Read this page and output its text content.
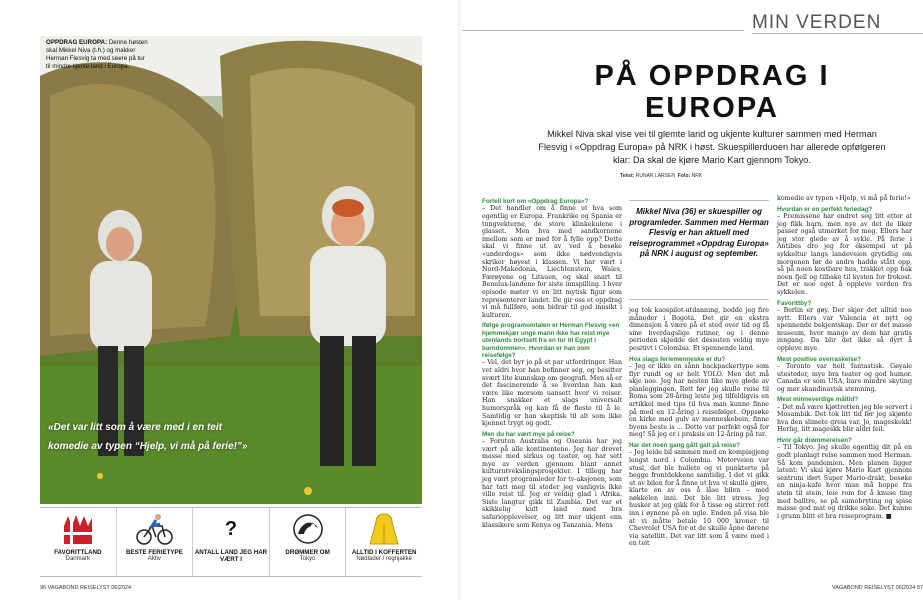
OPPDRAG EUROPA: Denne høsten skal Mikkel Niva (t.h.) og makker Herman Flesvig ta med seere på tur til mindre kjente land i Europa.
«Det var litt som å være med i en teit komedie av typen “Hjelp, vi må på ferie!”»
FAVORITTLAND
Danmark
BESTE FERIETYPE
Aktiv
?
ANTALL LAND JEG HAR VÆRT I
DRØMMER OM
Tokyo
ALLTID I KOFFERTEN
Nødlader / regnjakke
96 VAGABOND REISELYST 06|2024
MIN VERDEN
PÅ OPPDRAG I EUROPA
Mikkel Niva skal vise vei til glemte land og ukjente kulturer sammen med Herman Flesvig i «Oppdrag Europa» på NRK i høst. Skuespillerduoen har allerede opfølgeren klar: Da skal de kjøre Mario Kart gjennom Tokyo.
Tekst: RUNAR LARSEN Foto: NRK
Fortell kort om «Oppdrag Europa»?

– Det handler om å finne ut hva som egentlig er Europa. Frankrike og Spania er tungvekterne, de store klinkekulene i glasset. Men hva med sandkornene imellom som er med for å fylle opp? Dette skal vi finne ut av ved å besøke «underdogs» som ikke nødvendigvis skriker høyest i klassen. Vi har vært i Nord-Makedonia, Liechtenstein, Wales, Færøyene og Litauen, og skal snart til Benelux-landene for siste innspilling. I hver episode møter vi en litt mytisk figur som representerer landet. De gir oss et oppdrag vi må fullføre, som bidrar til god innsikt i kulturen.

Ifølge programomtalen er Herman Flesvig «en hjemmekjær ungé mann ikke har reist mye utenlands bortsett fra en tur til Egypt i barndommen». Hvordan er han som reisefølge?

– Vel, det byr jo på et par utfordringer. Han vet aldri hvor han befinner seg, og besitter svært lite kunnskap om geografi. Men så er det fascinerende å se hvordan han kan være like morsom uansett hvor vi reiser. Han snakker et slags universalt humorspråk og kan få de fleste til å le. Samtidig er han skeptisk til alt som ikke kjennet trygt og godt.

Men du har vært mye på reise?

– Foruten Australia og Oseania har jeg vært på alle kontinentene. Jeg har drevet masse med sirkus og teater, og har sett mye av verden gjennom blant annet kulturutvekslingsprosjekter. I tillegg har jeg vært programleder for tv-aksjonen, som har tatt meg til steder jeg vanligvis ikke ville reist til. Jeg er veldig glad i Afrika. Siste langtur gikk til Zambia. Det var et skikkelig kult land med bra safariopplevelser, og litt mer ukjent enn klassikere som Kenya og Tanzania. Mens

Mikkel Niva (36) er skuespiller og programleder. Sammen med Herman Flesvig er han aktuell med reiseprogrammet «Oppdrag Europa» på NRK i august og september.

jeg tok kaospilot-utdanning, bodde jeg fire måneder i Bogotá. Det gir en ekstra dimensjon å være på et sted over tid og få sine hverdagslige rutiner, og i denne perioden skjedde det dessuten veldig mye positivt i Colombia. Et spennende land.

Hva slags feriemenneske er du?

– Jeg er ikke en sånn backpackertype som flyr rundt og er helt YOLO. Men det må skje noe. Jeg har nesten like mye glede av planleggingen. Rett før jeg skulle reise til Roma som 28-åring leste jeg tilfeldigvis en artikkel med tips til hva man kunne finne på med en 12-åring i reisefølget. Oppsøke en kirke med gulv av menneskebein, finne byens beste is ... Dette var perfekt også for meg! Så jeg er i praksis en 12-åring på tur.

Har det noen gang gått galt på reise?

– Jeg leide bil sammen med en kompisgjeng lengst nord i Colombia. Motorveien var stusl, det ble hullete og vi punkterte på begge frontdekkene samtidig. I det vi gikk ut av bilen for å finne ut hva vi skulle gjøre, klarte en av oss å låse bilen – med nøkkelen inni. Det ble litt stress. Jeg husker at jeg gikk for å tisse og stirret rett inn i øynene på en ugle. Enden på visa ble at vi måtte betale 10 000 kroner til Chevrolet USA for at de skulle åpne dørene via satellitt. Det var litt som å være med i en teit

komedie av typen «Hjelp, vi må på ferie!»

Hvordan er en perfekt feriedag?

– Premissene har endret seg litt etter at jeg fikk barn, men nye av det de liker passer også utmerket for meg. Ellers har jeg stor glede av å sykle. På ferie i Antibes dro jeg for eksempel ut på sykkeltur langs landeveien grytidlig om morgenen før de andre hadde stått opp, så på noen kostbare hus, trakket opp bak noen fjell og tilbake til kysten for frokost. Det er noe eget å oppleve verden fra sykkelen.

Favorittby?

– Berlin er gøy. Der skjer det alltid noe nytt. Ellers var Valencia et nytt og spennende bekjentskap. Der er det masse museum, hvor mange av dem har gratis inngang. Da blir det ikke så dyrt å oppleve mye.

Mest positive overraskelse?

– Toronto var helt fantastisk. Gøyale utesteder, mye bra teater og god humor. Canada er som USA, bare mindre skyting og mer skandinavisk stemning.

Mest minneverdige måltid?

– Det må være kjøttretten jeg ble servert i Mosambik. Det tok litt tid før jeg skjønte hva den slimete greia var. Jo, mageskekk! Herlig, litt mageskk blir aldri feil.

Hvor går drømmereisen?

– Til Tokyo. Jeg skulle egentlig dit på en godt planlagt reise sammen med Herman. Så kom pandemien. Men planen ligger latent: Vi skal kjøre Mario Kart gjennom sentrum iført Super Mario-drakt, besøke en ninja-kafe hvor man må hoppe fra stein til stein, leie rom for å knuse ting med balltre, se på sumobryting og spise masse god mat og drikke sake. Det kunne i grunn blitt et bra reiseprogram. ■

VAGABOND REISELYST 06|2024 97
